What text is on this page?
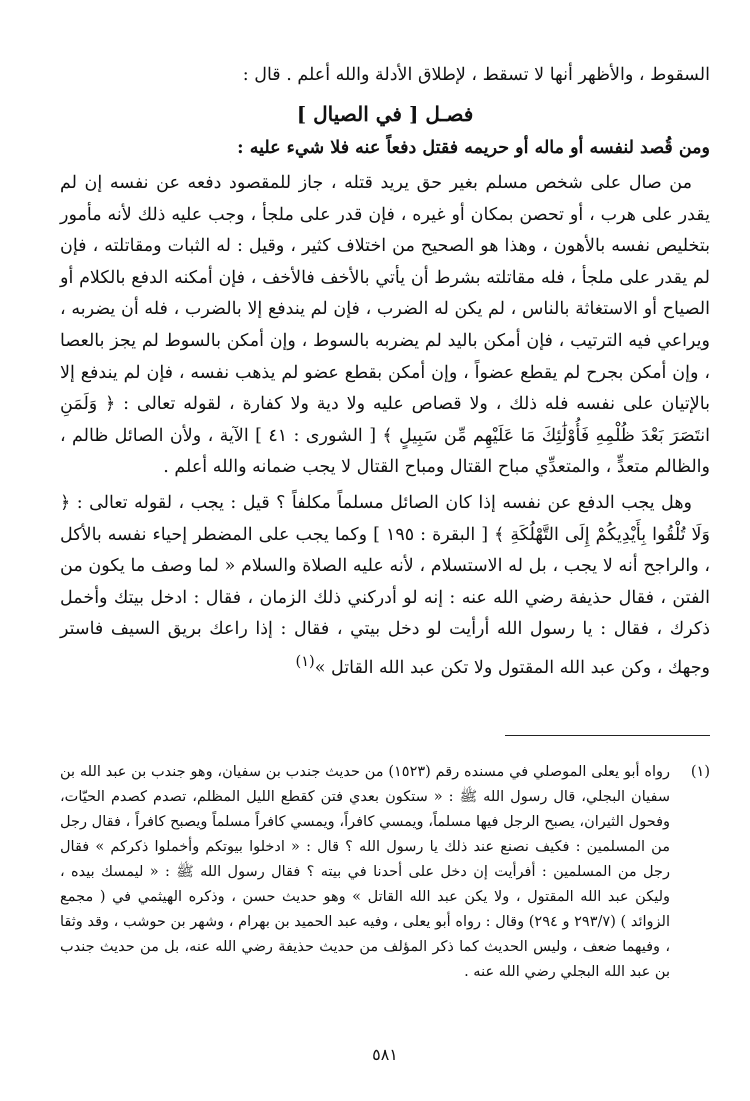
السقوط ، والأظهر أنها لا تسقط ، لإطلاق الأدلة والله أعلم . قال :

فصـل [ في الصيال ]

ومن قُصد لنفسه أو ماله أو حريمه فقتل دفعاً عنه فلا شيء عليه :

من صال على شخص مسلم بغير حق يريد قتله ، جاز للمقصود دفعه عن نفسه إن لم يقدر على هرب ، أو تحصن بمكان أو غيره ، فإن قدر على ملجأ ، وجب عليه ذلك لأنه مأمور بتخليص نفسه بالأهون ، وهذا هو الصحيح من اختلاف كثير ، وقيل : له الثبات ومقاتلته ، فإن لم يقدر على ملجأ ، فله مقاتلته بشرط أن يأتي بالأخف فالأخف ، فإن أمكنه الدفع بالكلام أو الصياح أو الاستغاثة بالناس ، لم يكن له الضرب ، فإن لم يندفع إلا بالضرب ، فله أن يضربه ، ويراعي فيه الترتيب ، فإن أمكن باليد لم يضربه بالسوط ، وإن أمكن بالسوط لم يجز بالعصا ، وإن أمكن بجرح لم يقطع عضواً ، وإن أمكن بقطع عضو لم يذهب نفسه ، فإن لم يندفع إلا بالإتيان على نفسه فله ذلك ، ولا قصاص عليه ولا دية ولا كفارة ، لقوله تعالى : ﴿ وَلَمَنِ انتَصَرَ بَعْدَ ظُلْمِهِ فَأُوْلَٰئِكَ مَا عَلَيْهِم مِّن سَبِيلٍ ﴾ [ الشورى : ٤١ ] الآية ، ولأن الصائل ظالم ، والظالم متعدٍّ ، والمتعدِّي مباح القتال ومباح القتال لا يجب ضمانه والله أعلم .

وهل يجب الدفع عن نفسه إذا كان الصائل مسلماً مكلفاً ؟ قيل : يجب ، لقوله تعالى : ﴿ وَلَا تُلْقُوا بِأَيْدِيكُمْ إِلَى التَّهْلُكَةِ ﴾ [ البقرة : ١٩٥ ] وكما يجب على المضطر إحياء نفسه بالأكل ، والراجح أنه لا يجب ، بل له الاستسلام ، لأنه عليه الصلاة والسلام « لما وصف ما يكون من الفتن ، فقال حذيفة رضي الله عنه : إنه لو أدركني ذلك الزمان ، فقال : ادخل بيتك وأخمل ذكرك ، فقال : يا رسول الله أرأيت لو دخل بيتي ، فقال : إذا راعك بريق السيف فاستر وجهك ، وكن عبد الله المقتول ولا تكن عبد الله القاتل »$^{(١)}$

(١)
رواه أبو يعلى الموصلي في مسنده رقم (١٥٢٣) من حديث جندب بن سفيان، وهو جندب بن عبد الله بن سفيان البجلي، قال رسول الله ﷺ : « ستكون بعدي فتن كقطع الليل المظلم، تصدم كصدم الحيّات، وفحول الثيران، يصبح الرجل فيها مسلماً، ويمسي كافراً، ويمسي كافراً مسلماً ويصبح كافراً ، فقال رجل من المسلمين : فكيف نصنع عند ذلك يا رسول الله ؟ قال : « ادخلوا بيوتكم وأخملوا ذكركم » فقال رجل من المسلمين : أفرأيت إن دخل على أحدنا في بيته ؟ فقال رسول الله ﷺ : « ليمسك بيده ، وليكن عبد الله المقتول ، ولا يكن عبد الله القاتل » وهو حديث حسن ، وذكره الهيثمي في ( مجمع الزوائد ) (٢٩٣/٧ و ٢٩٤) وقال : رواه أبو يعلى ، وفيه عبد الحميد بن بهرام ، وشهر بن حوشب ، وقد وثقا ، وفيهما ضعف ، وليس الحديث كما ذكر المؤلف من حديث حذيفة رضي الله عنه، بل من حديث جندب بن عبد الله البجلي رضي الله عنه .
٥٨١
